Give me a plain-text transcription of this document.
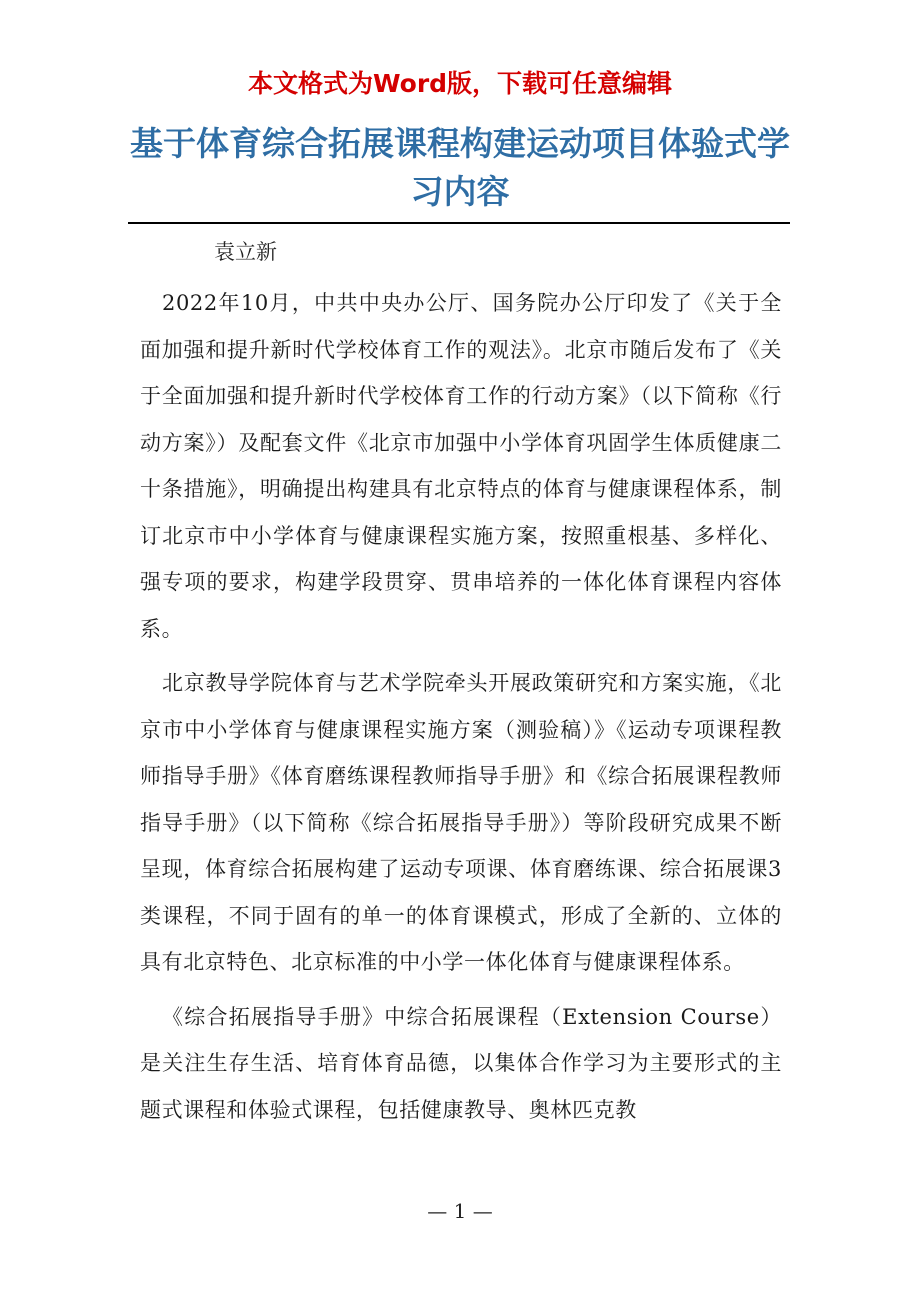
本文格式为Word版，下载可任意编辑
基于体育综合拓展课程构建运动项目体验式学习内容
袁立新

2022年10月，中共中央办公厅、国务院办公厅印发了《关于全面加强和提升新时代学校体育工作的观法》。北京市随后发布了《关于全面加强和提升新时代学校体育工作的行动方案》（以下简称《行动方案》）及配套文件《北京市加强中小学体育巩固学生体质健康二十条措施》，明确提出构建具有北京特点的体育与健康课程体系，制订北京市中小学体育与健康课程实施方案，按照重根基、多样化、强专项的要求，构建学段贯穿、贯串培养的一体化体育课程内容体系。

北京教导学院体育与艺术学院牵头开展政策研究和方案实施，《北京市中小学体育与健康课程实施方案（测验稿）》《运动专项课程教师指导手册》《体育磨练课程教师指导手册》和《综合拓展课程教师指导手册》（以下简称《综合拓展指导手册》）等阶段研究成果不断呈现，体育综合拓展构建了运动专项课、体育磨练课、综合拓展课3类课程，不同于固有的单一的体育课模式，形成了全新的、立体的具有北京特色、北京标准的中小学一体化体育与健康课程体系。

《综合拓展指导手册》中综合拓展课程（Extension Course）是关注生存生活、培育体育品德，以集体合作学习为主要形式的主题式课程和体验式课程，包括健康教导、奥林匹克教

— 1 —
